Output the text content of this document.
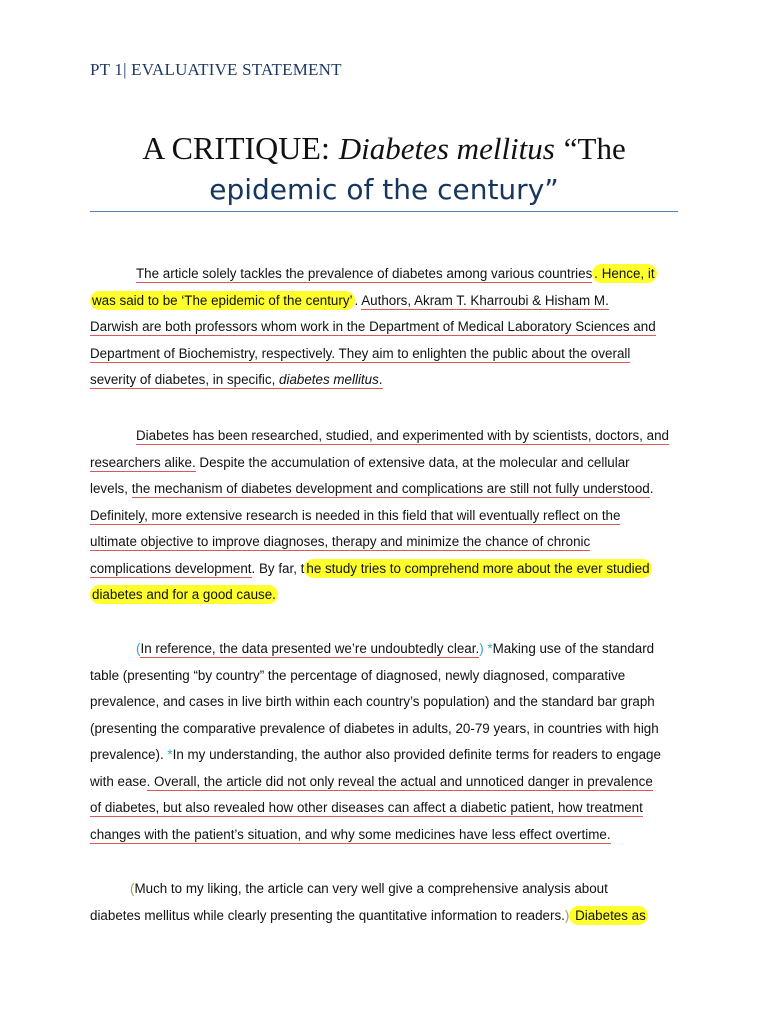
PT 1| EVALUATIVE STATEMENT
A CRITIQUE: Diabetes mellitus “The
epidemic of the century”
The article solely tackles the prevalence of diabetes among various countries . Hence, it
was said to be ‘The epidemic of the century’ . Authors, Akram T. Kharroubi & Hisham M.
Darwish are both professors whom work in the Department of Medical Laboratory Sciences and
Department of Biochemistry, respectively. They aim to enlighten the public about the overall
severity of diabetes, in specific, diabetes mellitus.
Diabetes has been researched, studied, and experimented with by scientists, doctors, and
researchers alike. Despite the accumulation of extensive data, at the molecular and cellular
levels, the mechanism of diabetes development and complications are still not fully understood.
Definitely, more extensive research is needed in this field that will eventually reflect on the
ultimate objective to improve diagnoses, therapy and minimize the chance of chronic
complications development. By far, t he study tries to comprehend more about the ever studied
diabetes and for a good cause.
(In reference, the data presented we’re undoubtedly clear.) *Making use of the standard
table (presenting “by country” the percentage of diagnosed, newly diagnosed, comparative
prevalence, and cases in live birth within each country’s population) and the standard bar graph
(presenting the comparative prevalence of diabetes in adults, 20-79 years, in countries with high
prevalence). *In my understanding, the author also provided definite terms for readers to engage
with ease. Overall, the article did not only reveal the actual and unnoticed danger in prevalence
of diabetes, but also revealed how other diseases can affect a diabetic patient, how treatment
changes with the patient’s situation, and why some medicines have less effect overtime.
(Much to my liking, the article can very well give a comprehensive analysis about
diabetes mellitus while clearly presenting the quantitative information to readers.) Diabetes as
